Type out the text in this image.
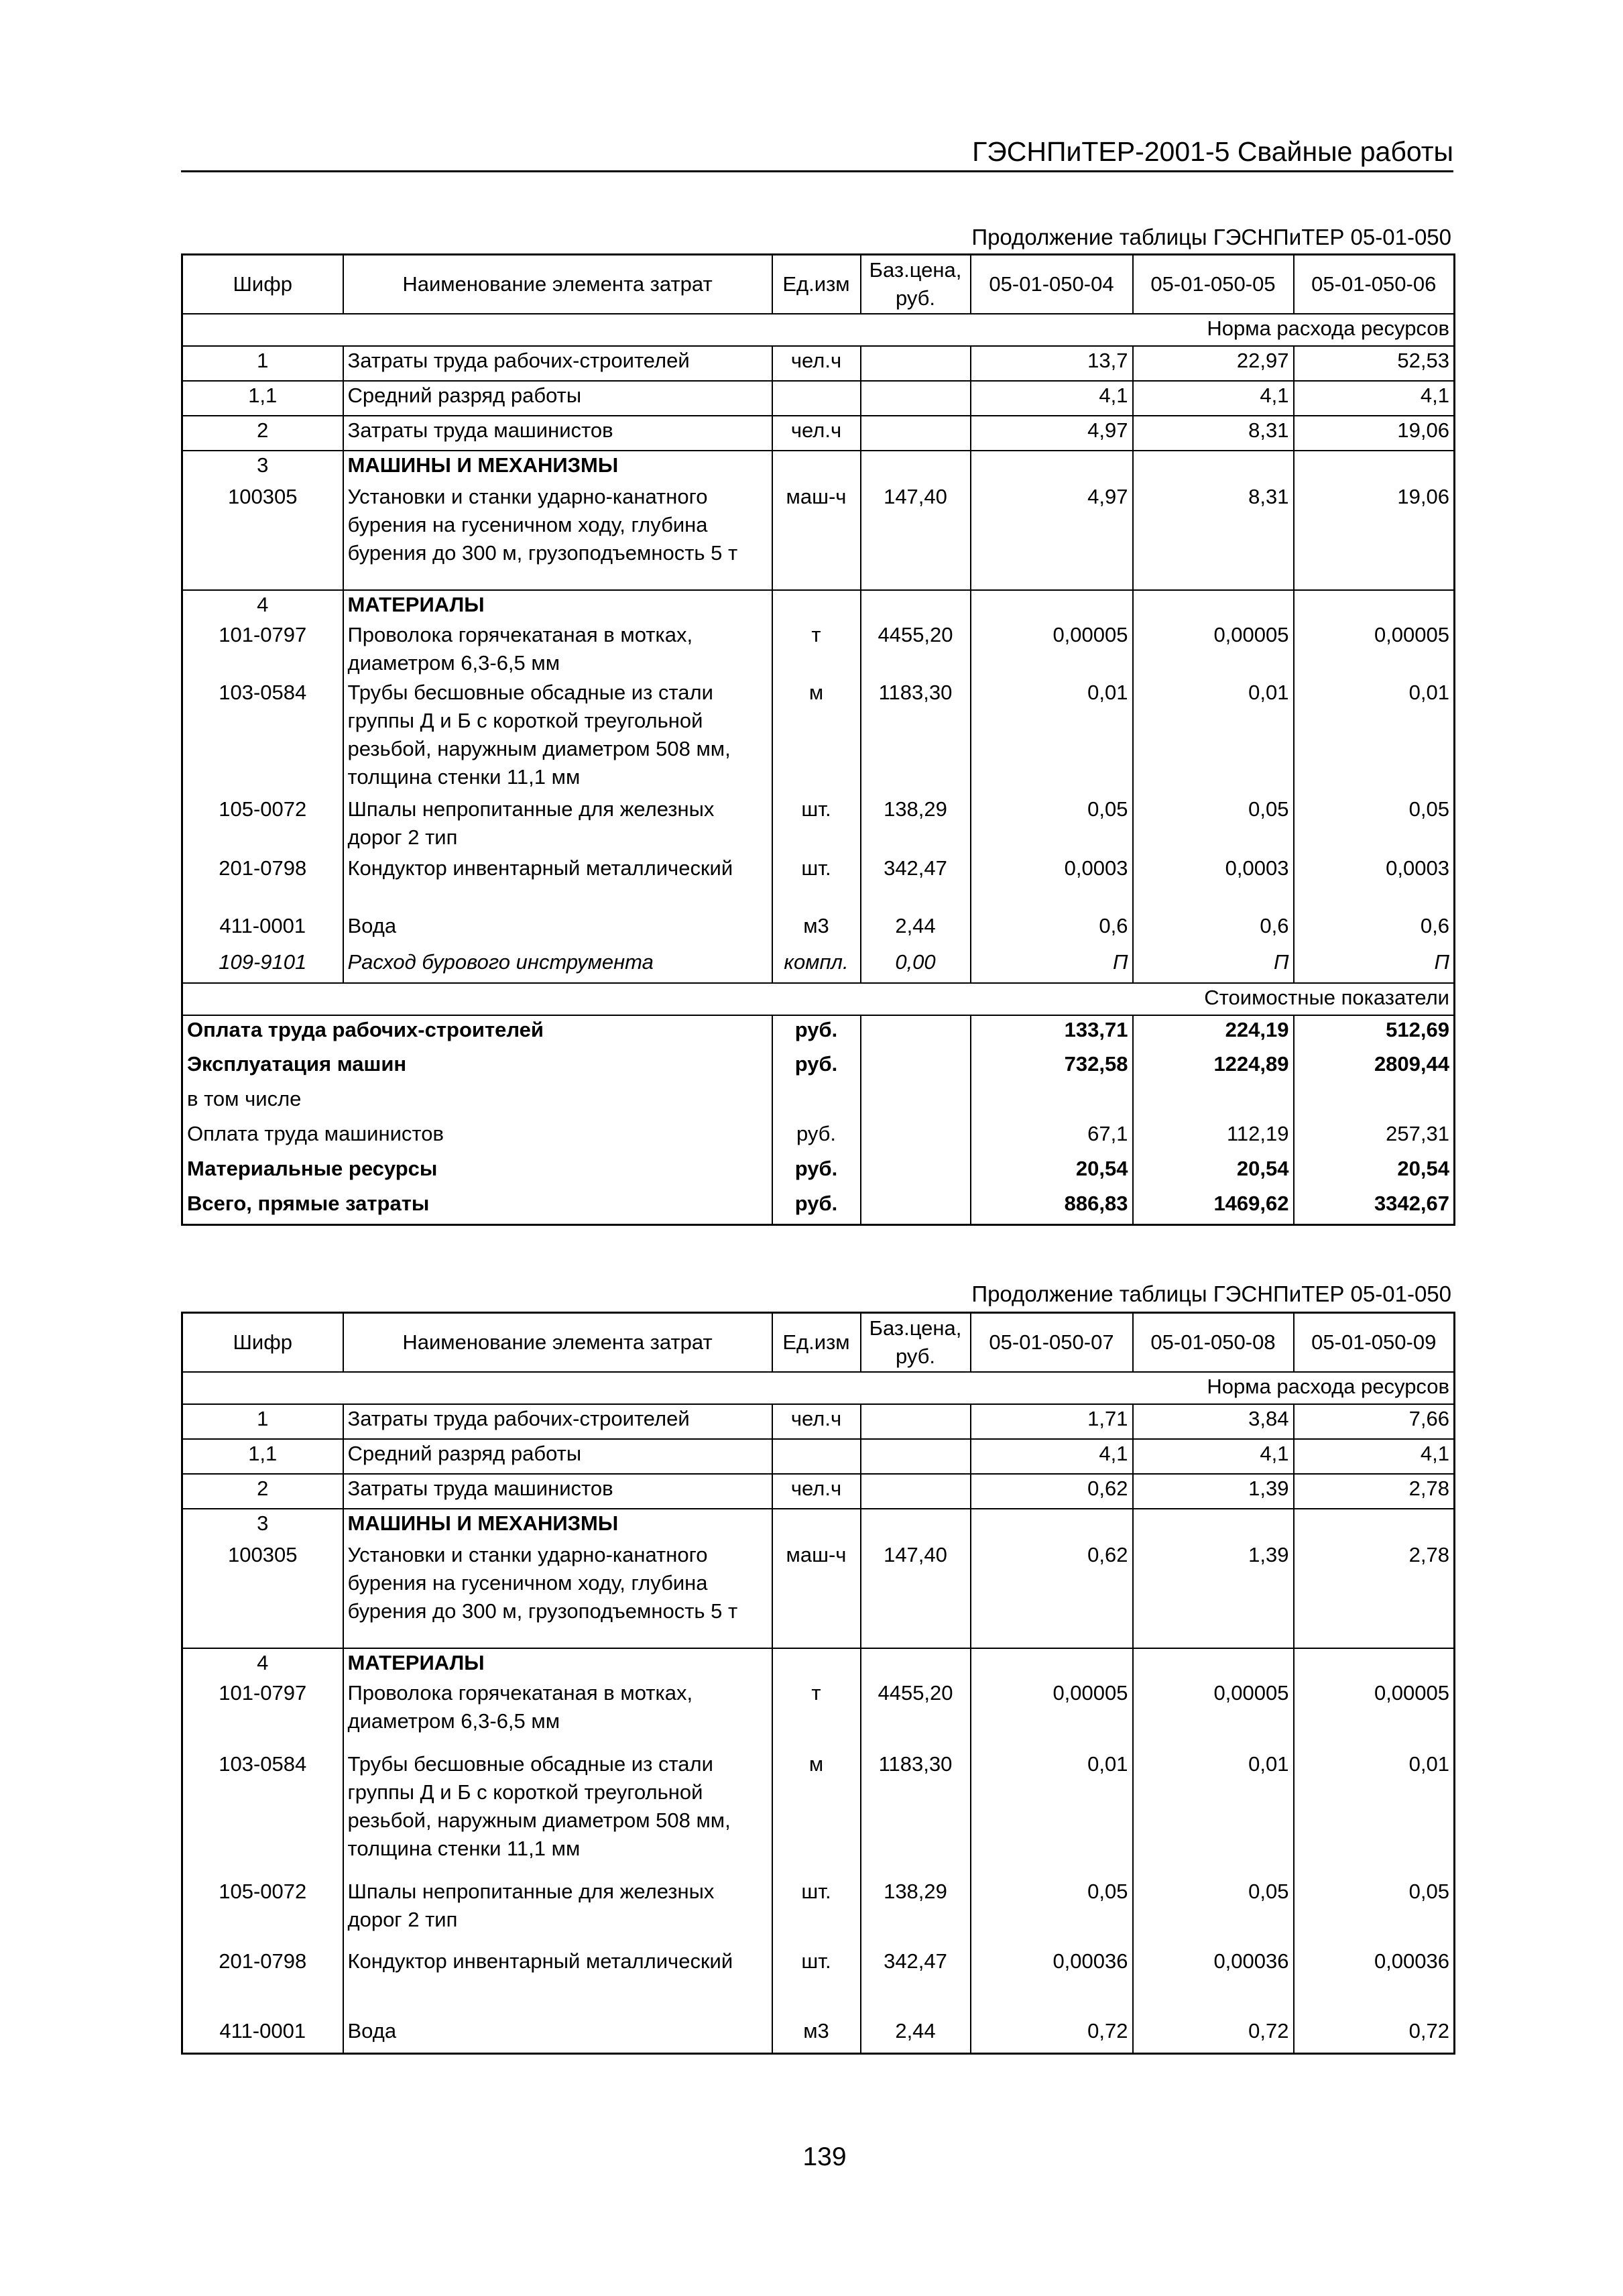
ГЭСНПиТЕР-2001-5 Свайные работы
Продолжение таблицы ГЭСНПиТЕР 05-01-050
Шифр	Наименование элемента затрат	Ед.изм	Баз.цена, руб.	05-01-050-04	05-01-050-05	05-01-050-06
Норма расхода ресурсов						
1	Затраты труда рабочих-строителей	чел.ч		13,7	22,97	52,53
1,1	Средний разряд работы			4,1	4,1	4,1
2	Затраты труда машинистов	чел.ч		4,97	8,31	19,06
3	МАШИНЫ И МЕХАНИЗМЫ					
100305	Установки и станки ударно-канатного бурения на гусеничном ходу, глубина бурения до 300 м, грузоподъемность 5 т	маш-ч	147,40	4,97	8,31	19,06
4	МАТЕРИАЛЫ					
101-0797	Проволока горячекатаная в мотках, диаметром 6,3-6,5 мм	т	4455,20	0,00005	0,00005	0,00005
103-0584	Трубы бесшовные обсадные из стали группы Д и Б с короткой треугольной резьбой, наружным диаметром 508 мм, толщина стенки 11,1 мм	м	1183,30	0,01	0,01	0,01
105-0072	Шпалы непропитанные для железных дорог 2 тип	шт.	138,29	0,05	0,05	0,05
201-0798	Кондуктор инвентарный металлический	шт.	342,47	0,0003	0,0003	0,0003
411-0001	Вода	м3	2,44	0,6	0,6	0,6
109-9101	Расход бурового инструмента	компл.	0,00	П	П	П
Стоимостные показатели						
Оплата труда рабочих-строителей		руб.		133,71	224,19	512,69
Эксплуатация машин		руб.		732,58	1224,89	2809,44
в том числе						
Оплата труда машинистов		руб.		67,1	112,19	257,31
Материальные ресурсы		руб.		20,54	20,54	20,54
Всего, прямые затраты		руб.		886,83	1469,62	3342,67
Продолжение таблицы ГЭСНПиТЕР 05-01-050
Шифр	Наименование элемента затрат	Ед.изм	Баз.цена, руб.	05-01-050-07	05-01-050-08	05-01-050-09
Норма расхода ресурсов						
1	Затраты труда рабочих-строителей	чел.ч		1,71	3,84	7,66
1,1	Средний разряд работы			4,1	4,1	4,1
2	Затраты труда машинистов	чел.ч		0,62	1,39	2,78
3	МАШИНЫ И МЕХАНИЗМЫ					
100305	Установки и станки ударно-канатного бурения на гусеничном ходу, глубина бурения до 300 м, грузоподъемность 5 т	маш-ч	147,40	0,62	1,39	2,78
4	МАТЕРИАЛЫ					
101-0797	Проволока горячекатаная в мотках, диаметром 6,3-6,5 мм	т	4455,20	0,00005	0,00005	0,00005
103-0584	Трубы бесшовные обсадные из стали группы Д и Б с короткой треугольной резьбой, наружным диаметром 508 мм, толщина стенки 11,1 мм	м	1183,30	0,01	0,01	0,01
105-0072	Шпалы непропитанные для железных дорог 2 тип	шт.	138,29	0,05	0,05	0,05
201-0798	Кондуктор инвентарный металлический	шт.	342,47	0,00036	0,00036	0,00036
411-0001	Вода	м3	2,44	0,72	0,72	0,72
139
